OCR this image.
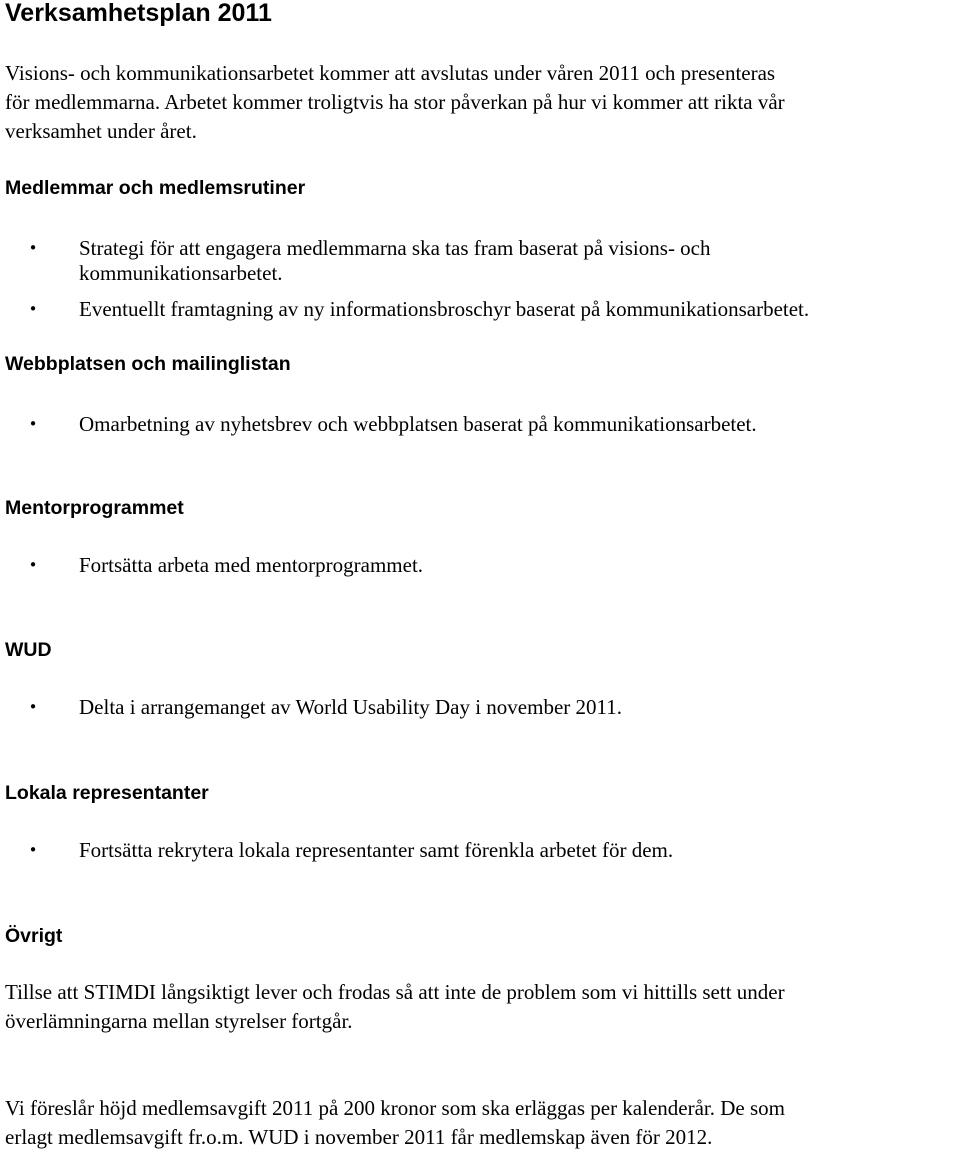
Verksamhetsplan 2011
Visions- och kommunikationsarbetet kommer att avslutas under våren 2011 och presenteras
för medlemmarna. Arbetet kommer troligtvis ha stor påverkan på hur vi kommer att rikta vår
verksamhet under året.
Medlemmar och medlemsrutiner
• Strategi för att engagera medlemmarna ska tas fram baserat på visions- och
kommunikationsarbetet.
• Eventuellt framtagning av ny informationsbroschyr baserat på kommunikationsarbetet.
Webbplatsen och mailinglistan
• Omarbetning av nyhetsbrev och webbplatsen baserat på kommunikationsarbetet.
Mentorprogrammet
• Fortsätta arbeta med mentorprogrammet.
WUD
• Delta i arrangemanget av World Usability Day i november 2011.
Lokala representanter
• Fortsätta rekrytera lokala representanter samt förenkla arbetet för dem.
Övrigt
Tillse att STIMDI långsiktigt lever och frodas så att inte de problem som vi hittills sett under
överlämningarna mellan styrelser fortgår.
Vi föreslår höjd medlemsavgift 2011 på 200 kronor som ska erläggas per kalenderår. De som
erlagt medlemsavgift fr.o.m. WUD i november 2011 får medlemskap även för 2012.
